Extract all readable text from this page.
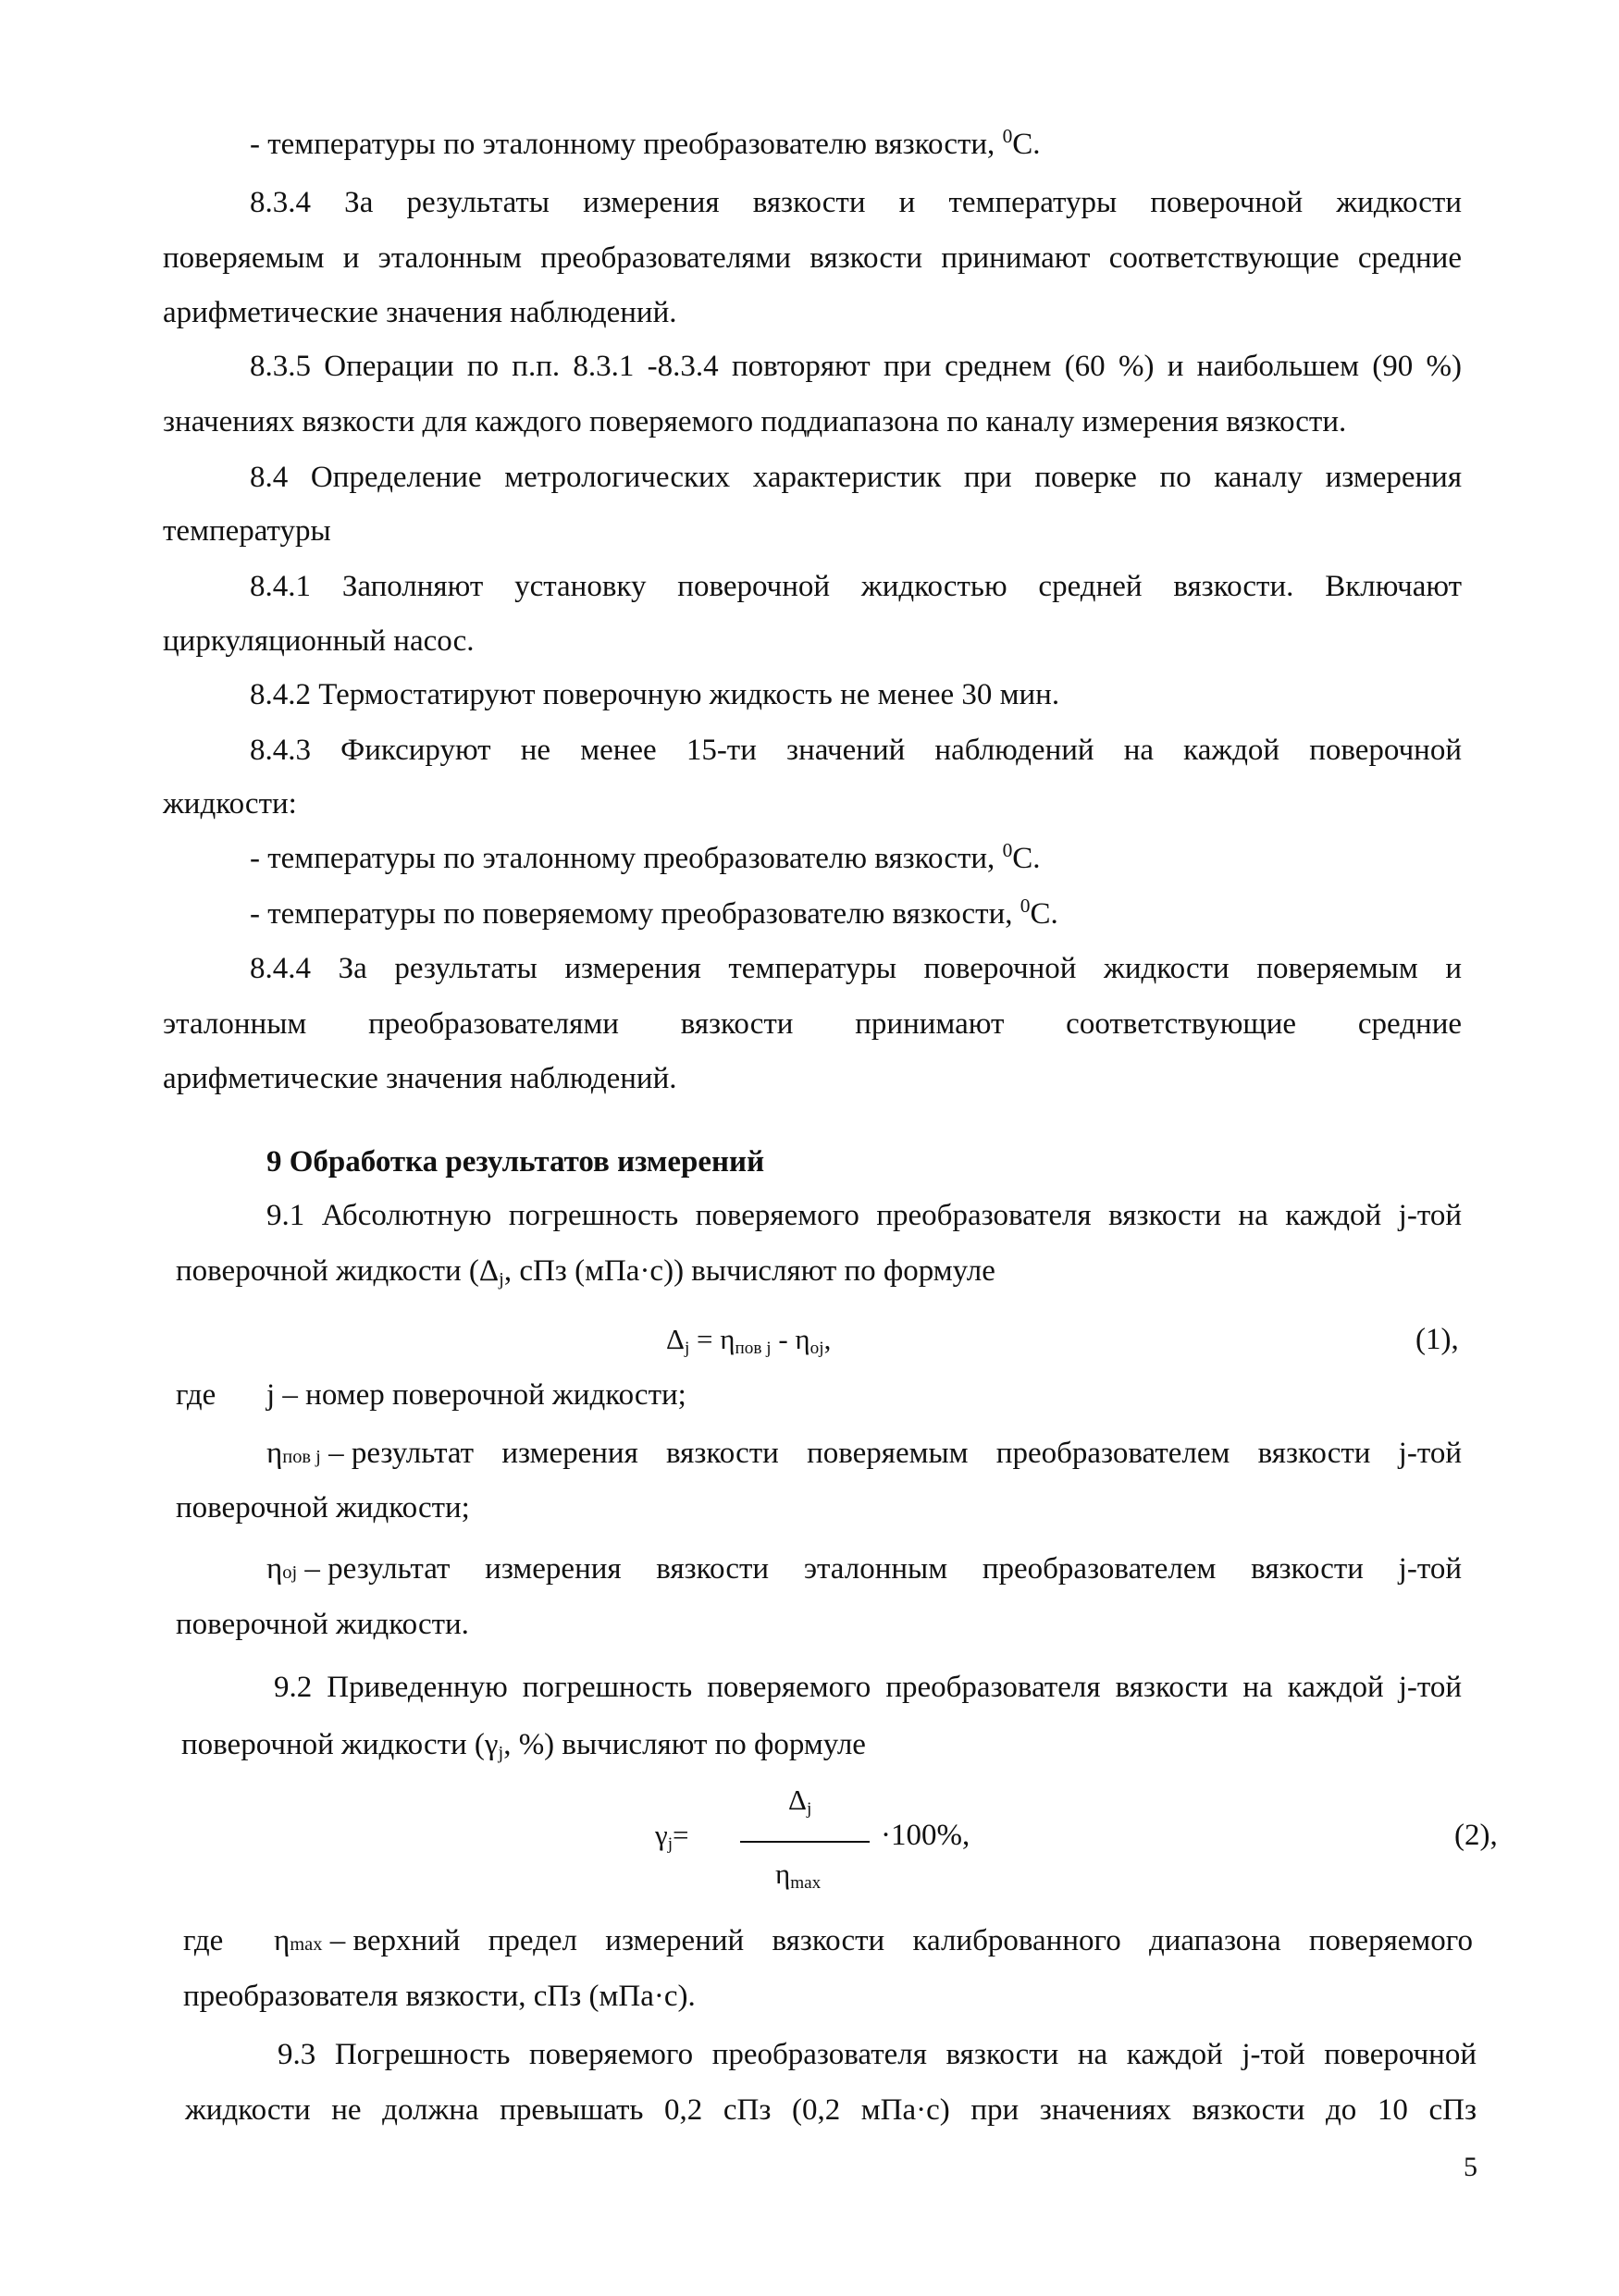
- температуры по эталонному преобразователю вязкости, $^0$С.
8.3.4 За результаты измерения вязкости и температуры поверочной жидкости
поверяемым и эталонным преобразователями вязкости принимают соответствующие средние
арифметические значения наблюдений.
8.3.5 Операции по п.п. 8.3.1 -8.3.4 повторяют при среднем (60 %) и наибольшем (90 %)
значениях вязкости для каждого поверяемого поддиапазона по каналу измерения вязкости.
8.4 Определение метрологических характеристик при поверке по каналу измерения
температуры
8.4.1 Заполняют установку поверочной жидкостью средней вязкости. Включают
циркуляционный насос.
8.4.2 Термостатируют поверочную жидкость не менее 30 мин.
8.4.3 Фиксируют не менее 15-ти значений наблюдений на каждой поверочной
жидкости:
- температуры по эталонному преобразователю вязкости, $^0$С.
- температуры по поверяемому преобразователю вязкости, $^0$С.
8.4.4 За результаты измерения температуры поверочной жидкости поверяемым и
эталонным преобразователями вязкости принимают соответствующие средние
арифметические значения наблюдений.
9 Обработка результатов измерений
9.1 Абсолютную погрешность поверяемого преобразователя вязкости на каждой j-той
поверочной жидкости ($\Delta_j$, сПз (мПа·с)) вычисляют по формуле
$\Delta_j = \eta_{пов j} - \eta_{oj}$,	(1),
где j – номер поверочной жидкости;
η пов j – результат измерения вязкости поверяемым преобразователем вязкости j-той
поверочной жидкости;
η oj – результат измерения вязкости эталонным преобразователем вязкости j-той
поверочной жидкости.
9.2 Приведенную погрешность поверяемого преобразователя вязкости на каждой j-той
поверочной жидкости ($\gamma_j$, %) вычисляют по формуле
$\gamma_j=$
$\Delta_j$
$\eta_{max}$
·100%,	(2),
где η max – верхний предел измерений вязкости калиброванного диапазона поверяемого
преобразователя вязкости, сПз (мПа·с).
9.3 Погрешность поверяемого преобразователя вязкости на каждой j-той поверочной
жидкости не должна превышать 0,2 сПз (0,2 мПа·с) при значениях вязкости до 10 сПз
5
